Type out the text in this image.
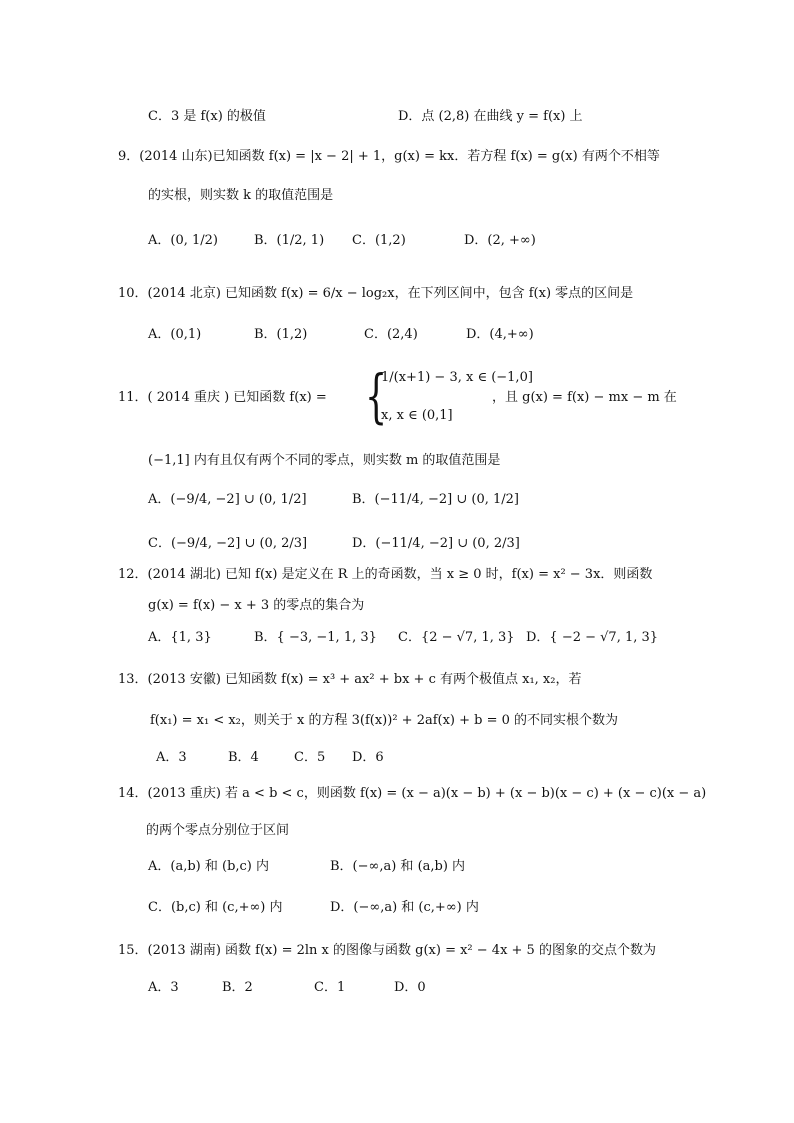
C．3 是 f(x) 的极值	D．点 (2,8) 在曲线 y = f(x) 上
9．(2014 山东)已知函数 f(x) = |x − 2| + 1，g(x) = kx．若方程 f(x) = g(x) 有两个不相等
的实根，则实数 k 的取值范围是
A．(0, 1/2)	B．(1/2, 1) C．(1,2)	D．(2, +∞)
10．(2014 北京) 已知函数 f(x) = 6/x − log₂x，在下列区间中，包含 f(x) 零点的区间是
A．(0,1)	B．(1,2)	C．(2,4)	D．(4,+∞)
11．( 2014 重庆 ) 已知函数 f(x) = {
1/(x+1) − 3, x ∈ (−1,0]
x, x ∈ (0,1]
，且 g(x) = f(x) − mx − m 在
(−1,1] 内有且仅有两个不同的零点，则实数 m 的取值范围是
A．(−9/4, −2] ∪ (0, 1/2]	B．(−11/4, −2] ∪ (0, 1/2]
C．(−9/4, −2] ∪ (0, 2/3]	D．(−11/4, −2] ∪ (0, 2/3]
12．(2014 湖北) 已知 f(x) 是定义在 R 上的奇函数，当 x ≥ 0 时，f(x) = x² − 3x．则函数
g(x) = f(x) − x + 3 的零点的集合为
A．{1, 3}	B．{ −3, −1, 1, 3} C．{2 − √7, 1, 3} D．{ −2 − √7, 1, 3}
13．(2013 安徽) 已知函数 f(x) = x³ + ax² + bx + c 有两个极值点 x₁, x₂，若
f(x₁) = x₁ < x₂，则关于 x 的方程 3(f(x))² + 2af(x) + b = 0 的不同实根个数为
A．3	B．4	C．5 D．6
14．(2013 重庆) 若 a < b < c，则函数 f(x) = (x − a)(x − b) + (x − b)(x − c) + (x − c)(x − a)
的两个零点分别位于区间
A．(a,b) 和 (b,c) 内	B．(−∞,a) 和 (a,b) 内
C．(b,c) 和 (c,+∞) 内	D．(−∞,a) 和 (c,+∞) 内
15．(2013 湖南) 函数 f(x) = 2ln x 的图像与函数 g(x) = x² − 4x + 5 的图象的交点个数为
A．3	B．2	C．1	D．0
